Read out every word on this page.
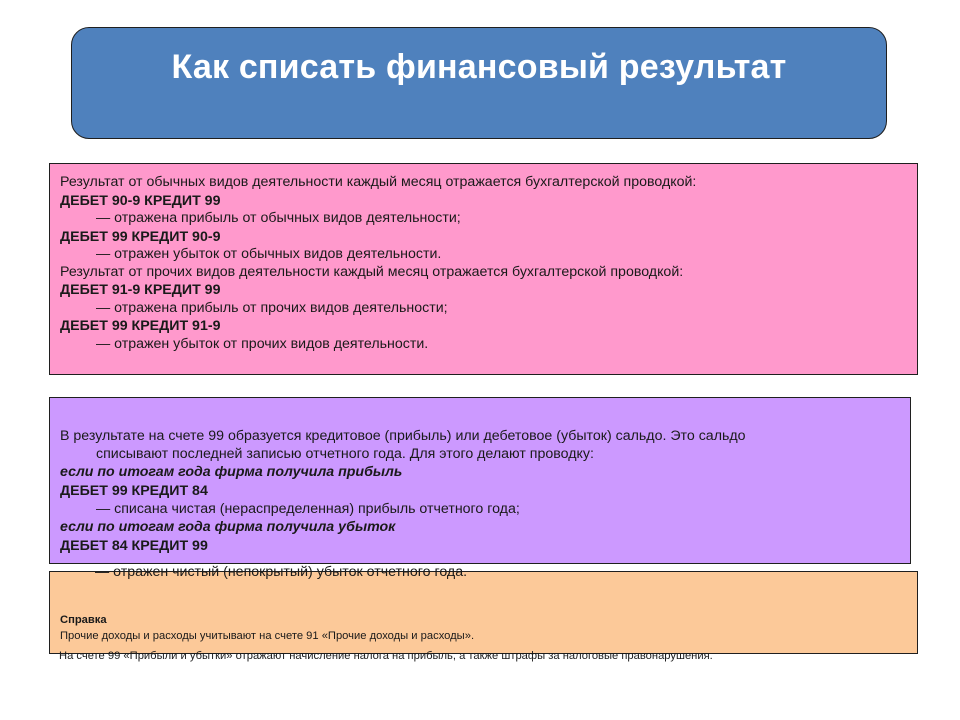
Как списать финансовый результат
Результат от обычных видов деятельности каждый месяц отражается бухгалтерской проводкой:
ДЕБЕТ 90-9 КРЕДИТ 99
— отражена прибыль от обычных видов деятельности;
ДЕБЕТ 99 КРЕДИТ 90-9
— отражен убыток от обычных видов деятельности.
Результат от прочих видов деятельности каждый месяц отражается бухгалтерской проводкой:
ДЕБЕТ 91-9 КРЕДИТ 99
— отражена прибыль от прочих видов деятельности;
ДЕБЕТ 99 КРЕДИТ 91-9
— отражен убыток от прочих видов деятельности.
В результате на счете 99 образуется кредитовое (прибыль) или дебетовое (убыток) сальдо. Это сальдо
списывают последней записью отчетного года. Для этого делают проводку:
если по итогам года фирма получила прибыль
ДЕБЕТ 99 КРЕДИТ 84
— списана чистая (нераспределенная) прибыль отчетного года;
если по итогам года фирма получила убыток
ДЕБЕТ 84 КРЕДИТ 99
Справка
Прочие доходы и расходы учитывают на счете 91 «Прочие доходы и расходы».
— отражен чистый (непокрытый) убыток отчетного года.
На счете 99 «Прибыли и убытки» отражают начисление налога на прибыль, а также штрафы за налоговые правонарушения.
